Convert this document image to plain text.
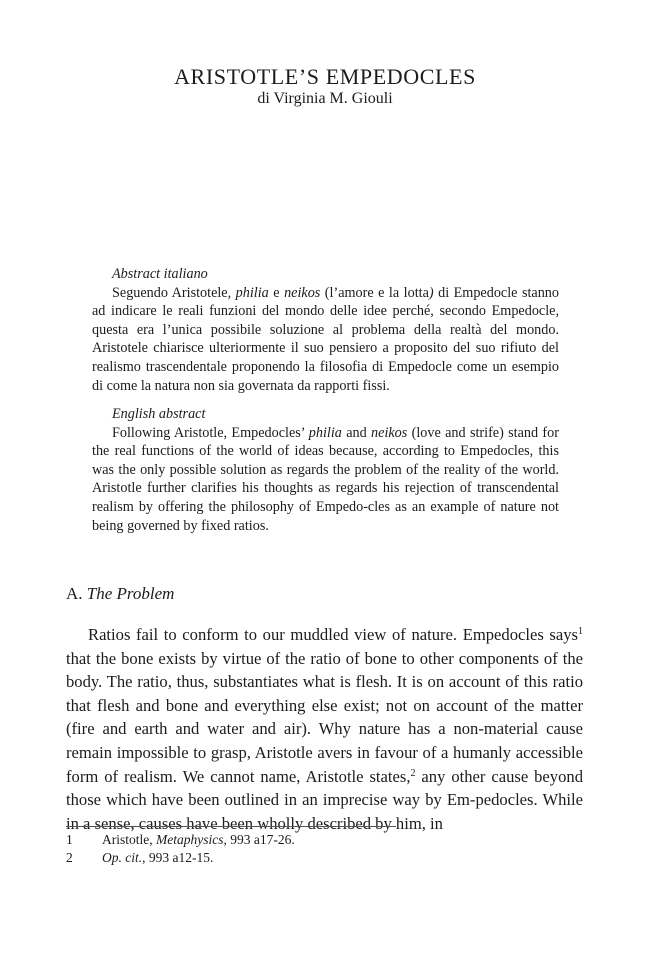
ARISTOTLE’S EMPEDOCLES
di Virginia M. Giouli
Abstract italiano
Seguendo Aristotele, philia e neikos (l’amore e la lotta) di Empedocle stanno ad indicare le reali funzioni del mondo delle idee perché, secondo Empedocle, questa era l’unica possibile soluzione al problema della realtà del mondo. Aristotele chiarisce ulteriormente il suo pensiero a proposito del suo rifiuto del realismo trascendentale proponendo la filosofia di Empedocle come un esempio di come la natura non sia governata da rapporti fissi.
English abstract
Following Aristotle, Empedocles’ philia and neikos (love and strife) stand for the real functions of the world of ideas because, according to Empedocles, this was the only possible solution as regards the problem of the reality of the world. Aristotle further clarifies his thoughts as regards his rejection of transcendental realism by offering the philosophy of Empedo-cles as an example of nature not being governed by fixed ratios.
A. The Problem
Ratios fail to conform to our muddled view of nature. Empedocles says$^1$ that the bone exists by virtue of the ratio of bone to other components of the body. The ratio, thus, substantiates what is flesh. It is on account of this ratio that flesh and bone and everything else exist; not on account of the matter (fire and earth and water and air). Why nature has a non-material cause remain impossible to grasp, Aristotle avers in favour of a humanly accessible form of realism. We cannot name, Aristotle states,$^2$ any other cause beyond those which have been outlined in an imprecise way by Em-pedocles. While in a sense, causes have been wholly described by him, in
1	Aristotle, Metaphysics, 993 a17-26.
2	Op. cit., 993 a12-15.
